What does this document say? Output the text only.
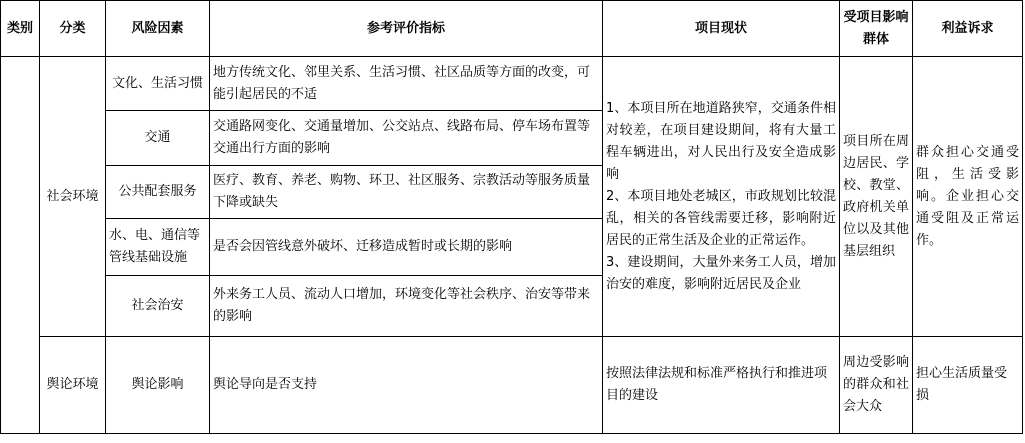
类别	分类	风险因素	参考评价指标	项目现状	受项目影响群体	利益诉求
	社会环境	文化、生活习惯	地方传统文化、邻里关系、生活习惯、社区品质等方面的改变，可能引起居民的不适	1、本项目所在地道路狭窄，交通条件相对较差，在项目建设期间，将有大量工程车辆进出，对人民出行及安全造成影响
2、本项目地处老城区，市政规划比较混乱，相关的各管线需要迁移，影响附近居民的正常生活及企业的正常运作。
3、建设期间，大量外来务工人员，增加治安的难度，影响附近居民及企业	项目所在周边居民、学校、教堂、政府机关单位以及其他基层组织	群众担心交通受阻，生活受影响。企业担心交通受阻及正常运作。
		交通	交通路网变化、交通量增加、公交站点、线路布局、停车场布置等交通出行方面的影响			
		公共配套服务	医疗、教育、养老、购物、环卫、社区服务、宗教活动等服务质量下降或缺失			
		水、电、通信等管线基础设施	是否会因管线意外破坏、迁移造成暂时或长期的影响			
		社会治安	外来务工人员、流动人口增加，环境变化等社会秩序、治安等带来的影响			
	舆论环境	舆论影响	舆论导向是否支持	按照法律法规和标准严格执行和推进项目的建设	周边受影响的群众和社会大众	担心生活质量受损
